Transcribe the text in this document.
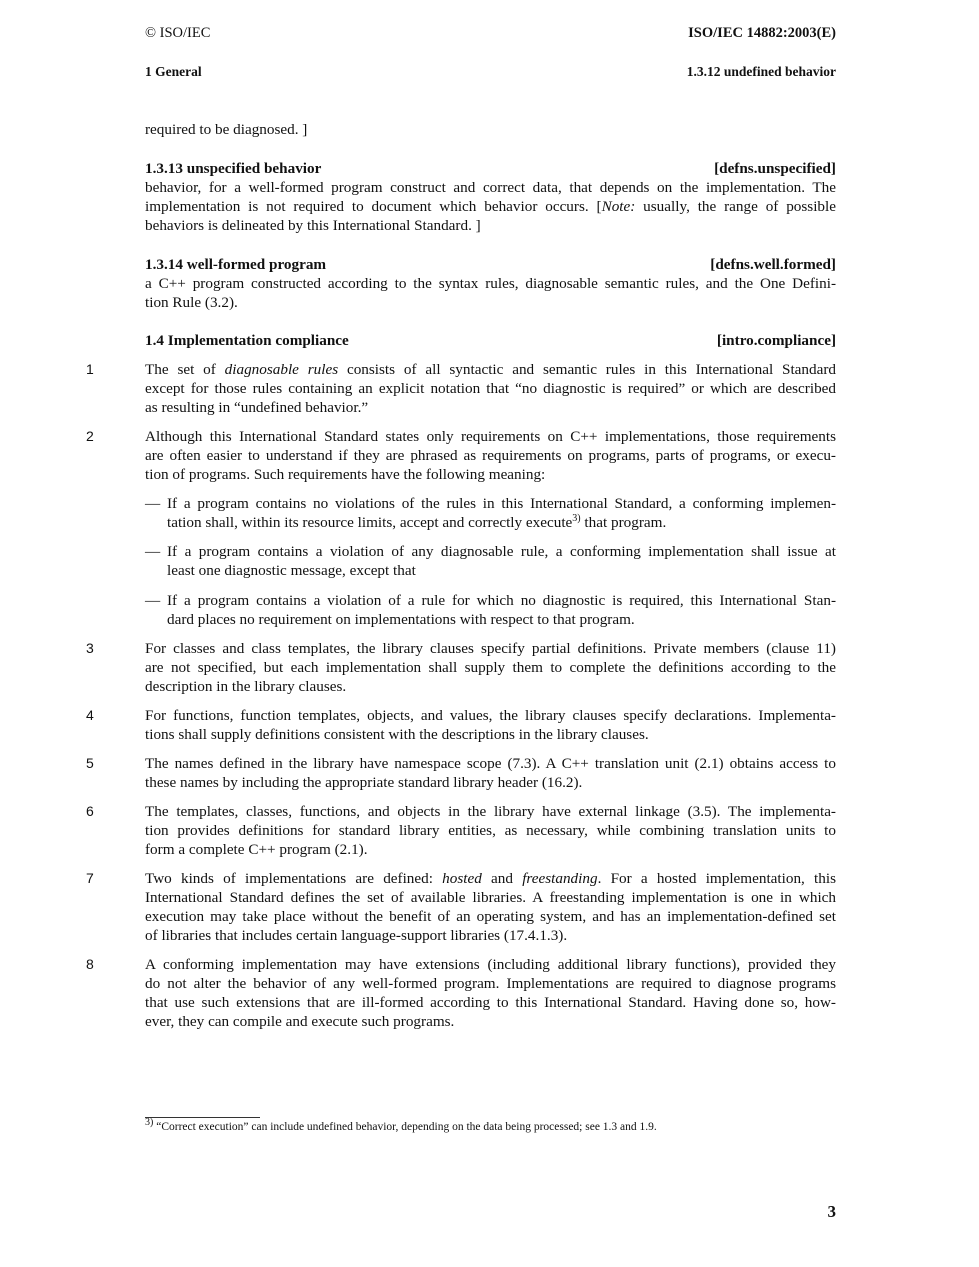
© ISO/IEC	ISO/IEC 14882:2003(E)
1 General	1.3.12 undefined behavior
required to be diagnosed. ]
1.3.13 unspecified behavior	[defns.unspecified]
behavior, for a well-formed program construct and correct data, that depends on the implementation. The
implementation is not required to document which behavior occurs. [Note: usually, the range of possible
behaviors is delineated by this International Standard. ]
1.3.14 well-formed program	[defns.well.formed]
a C++ program constructed according to the syntax rules, diagnosable semantic rules, and the One Defini-
tion Rule (3.2).
1.4 Implementation compliance	[intro.compliance]
1	The set of diagnosable rules consists of all syntactic and semantic rules in this International Standard
except for those rules containing an explicit notation that “no diagnostic is required” or which are described
as resulting in “undefined behavior.”
2	Although this International Standard states only requirements on C++ implementations, those requirements
are often easier to understand if they are phrased as requirements on programs, parts of programs, or execu-
tion of programs. Such requirements have the following meaning:
— If a program contains no violations of the rules in this International Standard, a conforming implemen-
tation shall, within its resource limits, accept and correctly execute$^{3)}$ that program.
— If a program contains a violation of any diagnosable rule, a conforming implementation shall issue at
least one diagnostic message, except that
— If a program contains a violation of a rule for which no diagnostic is required, this International Stan-
dard places no requirement on implementations with respect to that program.
3	For classes and class templates, the library clauses specify partial definitions. Private members (clause 11)
are not specified, but each implementation shall supply them to complete the definitions according to the
description in the library clauses.
4	For functions, function templates, objects, and values, the library clauses specify declarations. Implementa-
tions shall supply definitions consistent with the descriptions in the library clauses.
5	The names defined in the library have namespace scope (7.3). A C++ translation unit (2.1) obtains access to
these names by including the appropriate standard library header (16.2).
6	The templates, classes, functions, and objects in the library have external linkage (3.5). The implementa-
tion provides definitions for standard library entities, as necessary, while combining translation units to
form a complete C++ program (2.1).
7	Two kinds of implementations are defined: hosted and freestanding. For a hosted implementation, this
International Standard defines the set of available libraries. A freestanding implementation is one in which
execution may take place without the benefit of an operating system, and has an implementation-defined set
of libraries that includes certain language-support libraries (17.4.1.3).
8	A conforming implementation may have extensions (including additional library functions), provided they
do not alter the behavior of any well-formed program. Implementations are required to diagnose programs
that use such extensions that are ill-formed according to this International Standard. Having done so, how-
ever, they can compile and execute such programs.
$^{3)}$ “Correct execution” can include undefined behavior, depending on the data being processed; see 1.3 and 1.9.
3
